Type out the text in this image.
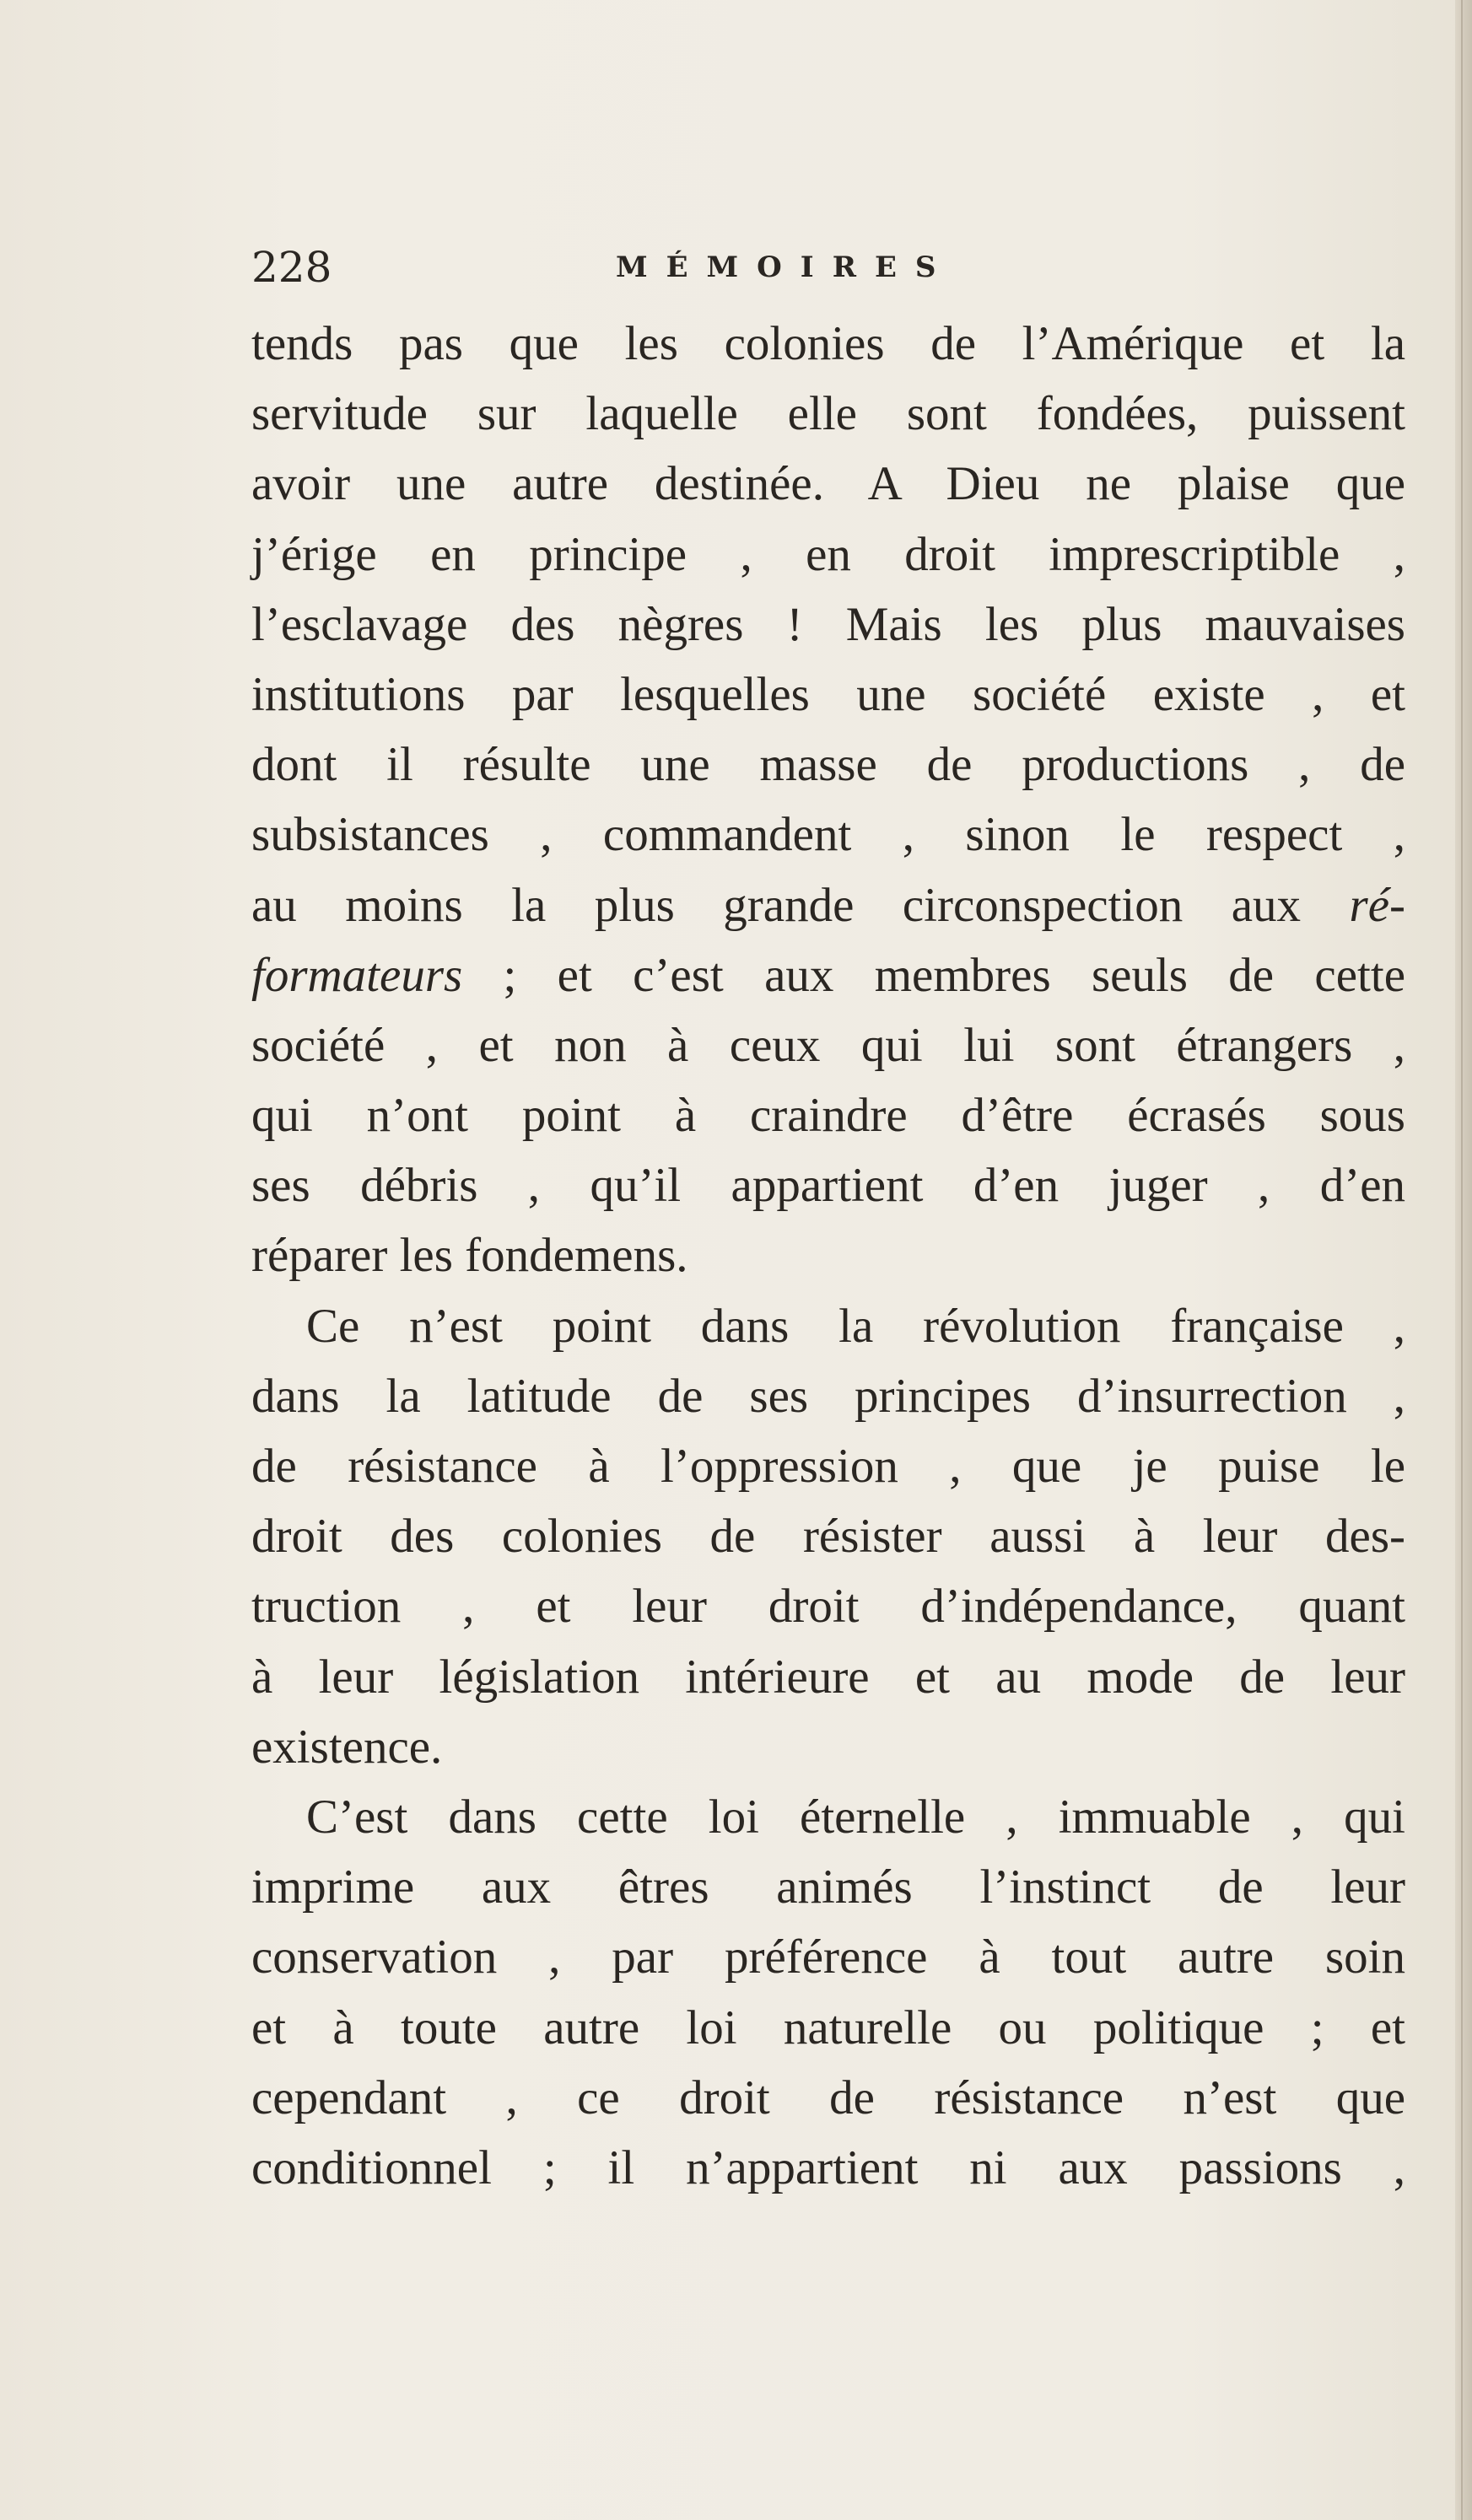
228	MÉMOIRES
tends pas que les colonies de l’Amérique et la
servitude sur laquelle elle sont fondées, puissent
avoir une autre destinée. A Dieu ne plaise que
j’érige en principe , en droit imprescriptible ,
l’esclavage des nègres ! Mais les plus mauvaises
institutions par lesquelles une société existe , et
dont il résulte une masse de productions , de
subsistances , commandent , sinon le respect ,
au moins la plus grande circonspection aux ré-
formateurs ; et c’est aux membres seuls de cette
société , et non à ceux qui lui sont étrangers ,
qui n’ont point à craindre d’être écrasés sous
ses débris , qu’il appartient d’en juger , d’en
réparer les fondemens.
Ce n’est point dans la révolution française ,
dans la latitude de ses principes d’insurrection ,
de résistance à l’oppression , que je puise le
droit des colonies de résister aussi à leur des-
truction , et leur droit d’indépendance, quant
à leur législation intérieure et au mode de leur
existence.
C’est dans cette loi éternelle , immuable , qui
imprime aux êtres animés l’instinct de leur
conservation , par préférence à tout autre soin
et à toute autre loi naturelle ou politique ; et
cependant , ce droit de résistance n’est que
conditionnel ; il n’appartient ni aux passions ,
